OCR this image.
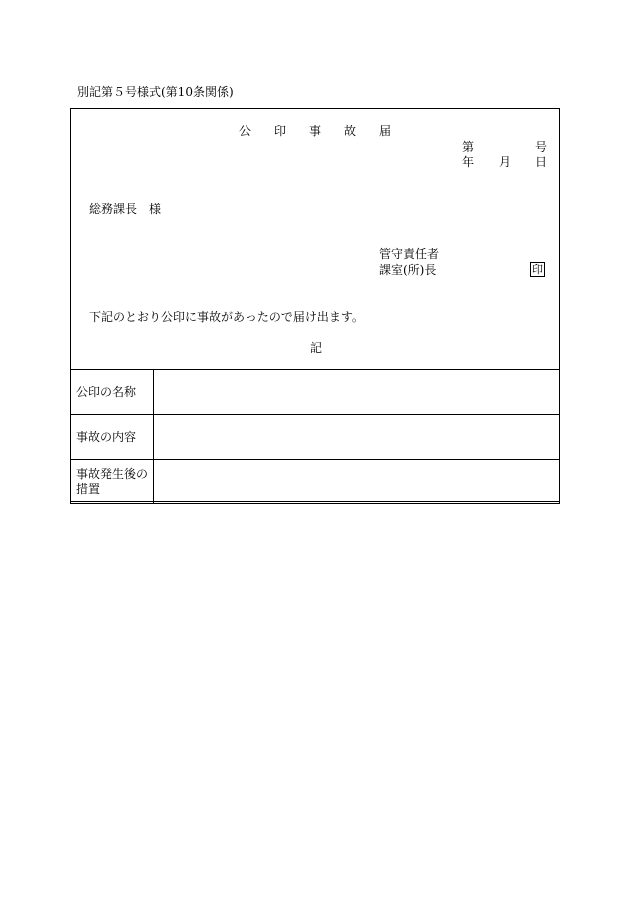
別記第５号様式(第10条関係)
公印事故届
第	号
年 月 日
総務課長　様
管守責任者
課室(所)長	印
下記のとおり公印に事故があったので届け出ます。
記
公印の名称	
事故の内容	
事故発生後の措置	
